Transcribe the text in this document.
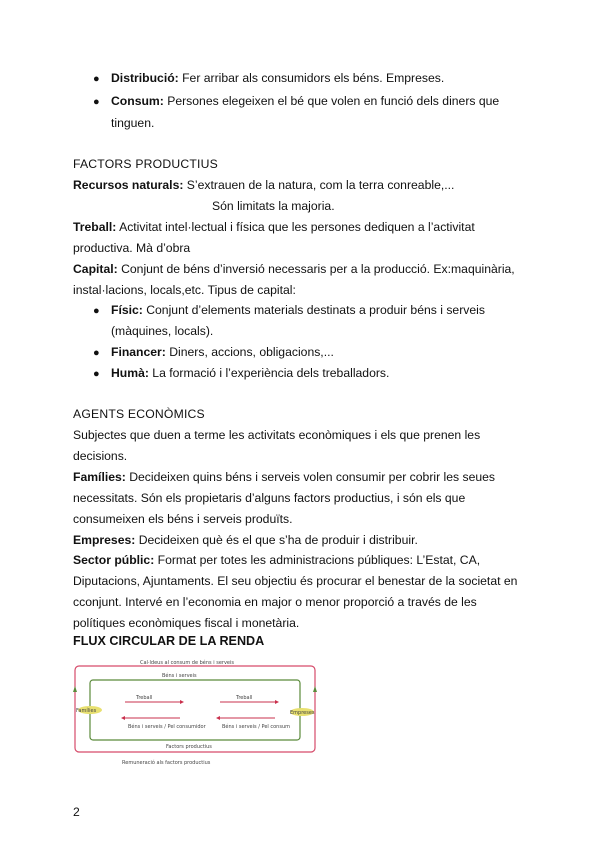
● Distribució: Fer arribar als consumidors els béns. Empreses.
● Consum: Persones elegeixen el bé que volen en funció dels diners que
tinguen.
FACTORS PRODUCTIUS
Recursos naturals: S’extrauen de la natura, com la terra conreable,...
Són limitats la majoria.
Treball: Activitat intel·lectual i física que les persones dediquen a l’activitat
productiva. Mà d’obra
Capital: Conjunt de béns d’inversió necessaris per a la producció. Ex:maquinària,
instal·lacions, locals,etc. Tipus de capital:
● Físic: Conjunt d’elements materials destinats a produir béns i serveis
(màquines, locals).
● Financer: Diners, accions, obligacions,...
● Humà: La formació i l’experiència dels treballadors.
AGENTS ECONÒMICS
Subjectes que duen a terme les activitats econòmiques i els que prenen les
decisions.
Famílies: Decideixen quins béns i serveis volen consumir per cobrir les seues
necessitats. Són els propietaris d’alguns factors productius, i són els que
consumeixen els béns i serveis produïts.
Empreses: Decideixen què és el que s’ha de produir i distribuir.
Sector públic: Format per totes les administracions públiques: L’Estat, CA,
Diputacions, Ajuntaments. El seu objectiu és procurar el benestar de la societat en
cconjunt. Intervé en l’economia en major o menor proporció a través de les
polítiques econòmiques fiscal i monetària.
FLUX CIRCULAR DE LA RENDA
Cal·ldeus al consum de béns i serveis
Béns i serveis
Famílies	Empreses
Treball	Treball
Béns i serveis / Pel consumidor	Béns i serveis / Pel consum
Factors productius
Remuneració als factors productius
2
